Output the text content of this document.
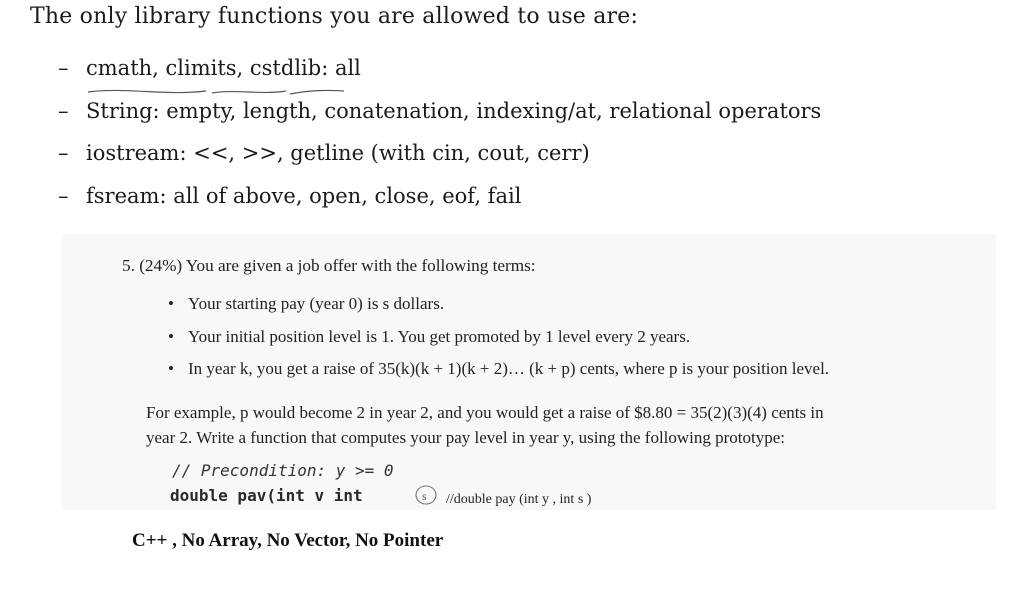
The only library functions you are allowed to use are:
– cmath, climits, cstdlib: all
– String: empty, length, conatenation, indexing/at, relational operators
– iostream: <<, >>, getline (with cin, cout, cerr)
– fsream: all of above, open, close, eof, fail
5. (24%) You are given a job offer with the following terms:
• Your starting pay (year 0) is s dollars.
• Your initial position level is 1. You get promoted by 1 level every 2 years.
• In year k, you get a raise of 35(k)(k + 1)(k + 2)… (k + p) cents, where p is your position level.
For example, p would become 2 in year 2, and you would get a raise of $8.80 = 35(2)(3)(4) cents in
year 2. Write a function that computes your pay level in year y, using the following prototype:
// Precondition: y >= 0
double pav(int v int	s //double pay (int y , int s )
C++ , No Array, No Vector, No Pointer
